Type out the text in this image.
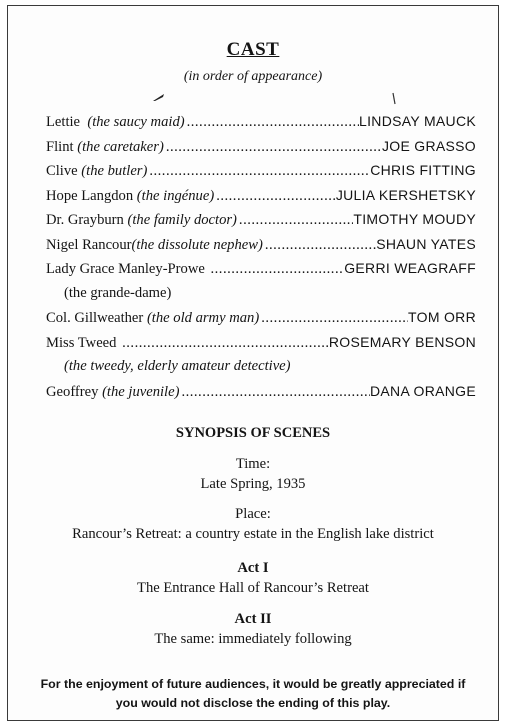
CAST
(in order of appearance)
Lettie (the saucy maid) .....	LINDSAY MAUCK
Flint (the caretaker) .....	JOE GRASSO
Clive (the butler) .....	CHRIS FITTING
Hope Langdon (the ingénue) .....	JULIA KERSHETSKY
Dr. Grayburn (the family doctor) .....	TIMOTHY MOUDY
Nigel Rancour(the dissolute nephew) .....	SHAUN YATES
Lady Grace Manley-Prowe .....	GERRI WEAGRAFF
(the grande-dame)
Col. Gillweather (the old army man) .....	TOM ORR
Miss Tweed .....	ROSEMARY BENSON
(the tweedy, elderly amateur detective)
Geoffrey (the juvenile) .....	DANA ORANGE
SYNOPSIS OF SCENES
Time:
Late Spring, 1935
Place:
Rancour’s Retreat: a country estate in the English lake district
Act I
The Entrance Hall of Rancour’s Retreat
Act II
The same: immediately following
For the enjoyment of future audiences, it would be greatly appreciated if
you would not disclose the ending of this play.
